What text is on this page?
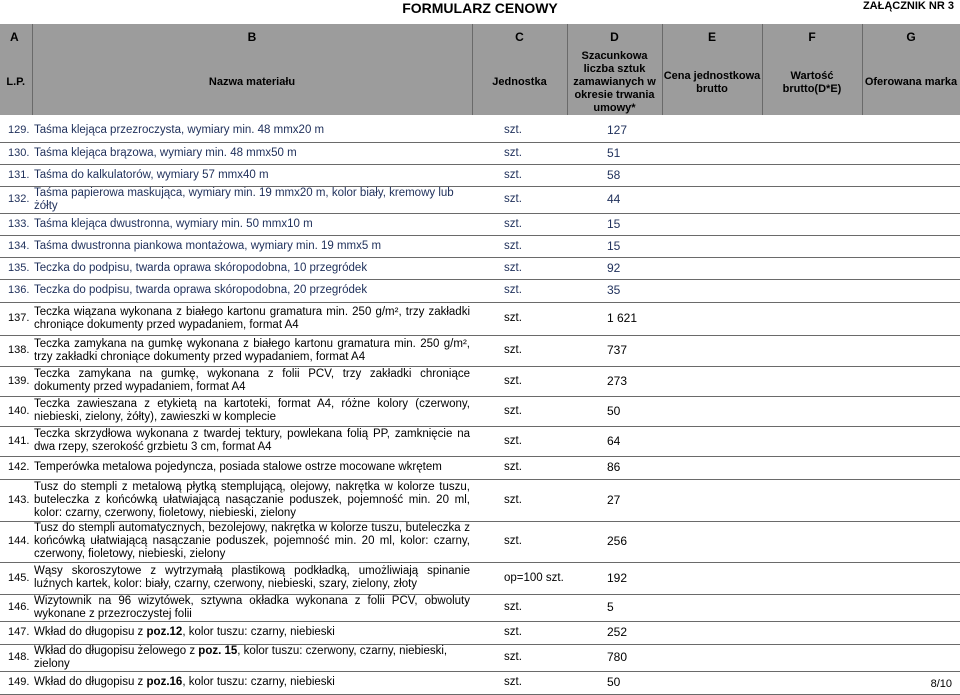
FORMULARZ CENOWY	ZAŁĄCZNIK NR 3
A	B	C	D	E	F	G
L.P.	Nazwa materiału	Jednostka	Szacunkowa liczba sztuk zamawianych w okresie trwania umowy*	Cena jednostkowa brutto	Wartość brutto(D*E)	Oferowana marka

129.	Taśma klejąca przezroczysta, wymiary min. 48 mmx20 m	szt.	127			
130.	Taśma klejąca brązowa, wymiary min. 48 mmx50 m	szt.	51			
131.	Taśma do kalkulatorów, wymiary 57 mmx40 m	szt.	58			
132.	Taśma papierowa maskująca, wymiary min. 19 mmx20 m, kolor biały, kremowy lub żółty	szt.	44			
133.	Taśma klejąca dwustronna, wymiary min. 50 mmx10 m	szt.	15			
134.	Taśma dwustronna piankowa montażowa, wymiary min. 19 mmx5 m	szt.	15			
135.	Teczka do podpisu, twarda oprawa skóropodobna, 10 przegródek	szt.	92			
136.	Teczka do podpisu, twarda oprawa skóropodobna, 20 przegródek	szt.	35			
137.	Teczka wiązana wykonana z białego kartonu gramatura min. 250 g/m², trzy zakładki chroniące dokumenty przed wypadaniem, format A4	szt.	1 621			
138.	Teczka zamykana na gumkę wykonana z białego kartonu gramatura min. 250 g/m², trzy zakładki chroniące dokumenty przed wypadaniem, format A4	szt.	737			
139.	Teczka zamykana na gumkę, wykonana z folii PCV, trzy zakładki chroniące dokumenty przed wypadaniem, format A4	szt.	273			
140.	Teczka zawieszana z etykietą na kartoteki, format A4, różne kolory (czerwony, niebieski, zielony, żółty), zawieszki w komplecie	szt.	50			
141.	Teczka skrzydłowa wykonana z twardej tektury, powlekana folią PP, zamknięcie na dwa rzepy, szerokość grzbietu 3 cm, format A4	szt.	64			
142.	Temperówka metalowa pojedyncza, posiada stalowe ostrze mocowane wkrętem	szt.	86			
143.	Tusz do stempli z metalową płytką stemplującą, olejowy, nakrętka w kolorze tuszu, buteleczka z końcówką ułatwiającą nasączanie poduszek, pojemność min. 20 ml, kolor: czarny, czerwony, fioletowy, niebieski, zielony	szt.	27			
144.	Tusz do stempli automatycznych, bezolejowy, nakrętka w kolorze tuszu, buteleczka z końcówką ułatwiającą nasączanie poduszek, pojemność min. 20 ml, kolor: czarny, czerwony, fioletowy, niebieski, zielony	szt.	256			
145.	Wąsy skoroszytowe z wytrzymałą plastikową podkładką, umożliwiają spinanie luźnych kartek, kolor: biały, czarny, czerwony, niebieski, szary, zielony, złoty	op=100 szt.	192			
146.	Wizytownik na 96 wizytówek, sztywna okładka wykonana z folii PCV, obwoluty wykonane z przezroczystej folii	szt.	5			
147.	Wkład do długopisu z poz.12, kolor tuszu: czarny, niebieski	szt.	252			
148.	Wkład do długopisu żelowego z poz. 15, kolor tuszu: czerwony, czarny, niebieski, zielony	szt.	780			
149.	Wkład do długopisu z poz.16, kolor tuszu: czarny, niebieski	szt.	50				8/10
